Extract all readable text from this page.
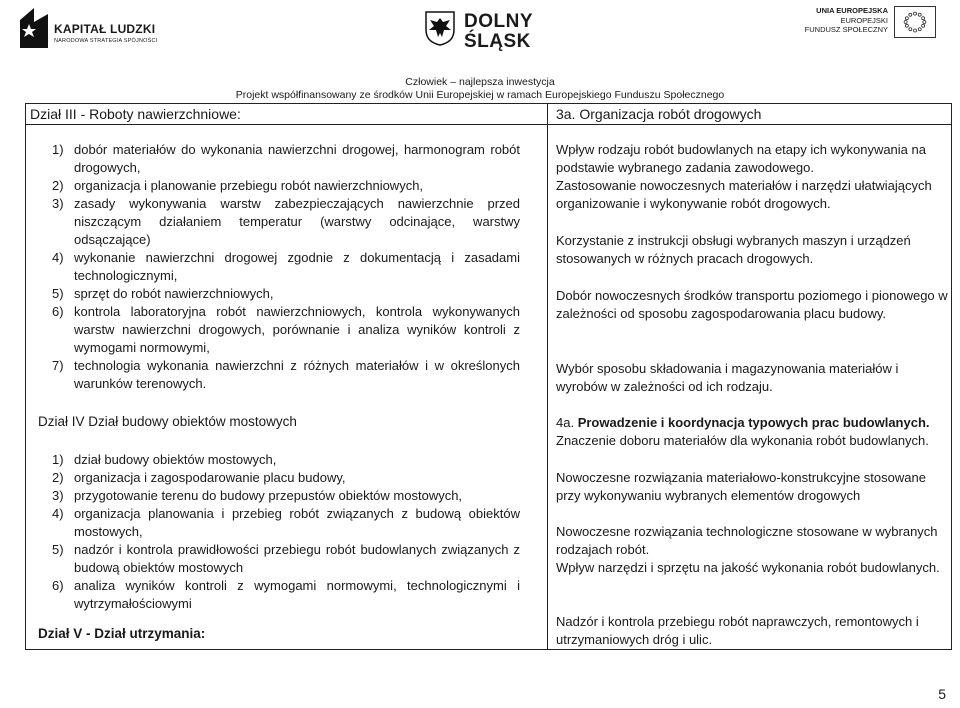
KAPITAŁ LUDZKI
NARODOWA STRATEGIA SPÓJNOŚCI
DOLNY
ŚLĄSK
UNIA EUROPEJSKA
EUROPEJSKI
FUNDUSZ SPOŁECZNY
Człowiek – najlepsza inwestycja
Projekt współfinansowany ze środków Unii Europejskiej w ramach Europejskiego Funduszu Społecznego
Dział III - Roboty nawierzchniowe:	3a. Organizacja robót drogowych
1) dobór materiałów do wykonania nawierzchni drogowej, harmonogram robót drogowych,
2) organizacja i planowanie przebiegu robót nawierzchniowych,
3) zasady wykonywania warstw zabezpieczających nawierzchnie przed niszczącym działaniem temperatur (warstwy odcinające, warstwy odsączające)
4) wykonanie nawierzchni drogowej zgodnie z dokumentacją i zasadami technologicznymi,
5) sprzęt do robót nawierzchniowych,
6) kontrola laboratoryjna robót nawierzchniowych, kontrola wykonywanych warstw nawierzchni drogowych, porównanie i analiza wyników kontroli z wymogami normowymi,
7) technologia wykonania nawierzchni z różnych materiałów i w określonych warunków terenowych.
Dział IV Dział budowy obiektów mostowych
1) dział budowy obiektów mostowych,
2) organizacja i zagospodarowanie placu budowy,
3) przygotowanie terenu do budowy przepustów obiektów mostowych,
4) organizacja planowania i przebieg robót związanych z budową obiektów mostowych,
5) nadzór i kontrola prawidłowości przebiegu robót budowlanych związanych z budową obiektów mostowych
6) analiza wyników kontroli z wymogami normowymi, technologicznymi i wytrzymałościowymi
Dział V - Dział utrzymania:
Wpływ rodzaju robót budowlanych na etapy ich wykonywania na podstawie wybranego zadania zawodowego.
Zastosowanie nowoczesnych materiałów i narzędzi ułatwiających organizowanie i wykonywanie robót drogowych.
Korzystanie z instrukcji obsługi wybranych maszyn i urządzeń stosowanych w różnych pracach drogowych.
Dobór nowoczesnych środków transportu poziomego i pionowego w zależności od sposobu zagospodarowania placu budowy.
Wybór sposobu składowania i magazynowania materiałów i wyrobów w zależności od ich rodzaju.
4a. Prowadzenie i koordynacja typowych prac budowlanych.
Znaczenie doboru materiałów dla wykonania robót budowlanych.
Nowoczesne rozwiązania materiałowo-konstrukcyjne stosowane przy wykonywaniu wybranych elementów drogowych
Nowoczesne rozwiązania technologiczne stosowane w wybranych rodzajach robót.
Wpływ narzędzi i sprzętu na jakość wykonania robót budowlanych.
Nadzór i kontrola przebiegu robót naprawczych, remontowych i utrzymaniowych dróg i ulic.
5
